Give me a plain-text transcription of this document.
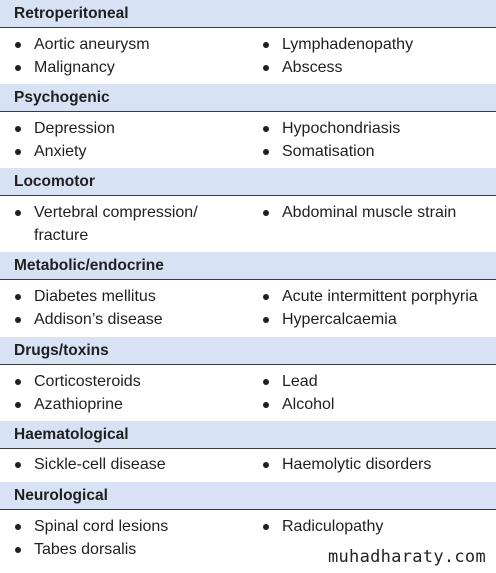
Retroperitoneal
Aortic aneurysm
Malignancy
Lymphadenopathy
Abscess
Psychogenic
Depression
Anxiety
Hypochondriasis
Somatisation
Locomotor
Vertebral compression/ fracture
Abdominal muscle strain
Metabolic/endocrine
Diabetes mellitus
Addison’s disease
Acute intermittent porphyria
Hypercalcaemia
Drugs/toxins
Corticosteroids
Azathioprine
Lead
Alcohol
Haematological
Sickle-cell disease	Haemolytic disorders
Neurological
Spinal cord lesions
Tabes dorsalis
Radiculopathy
muhadharaty.com
